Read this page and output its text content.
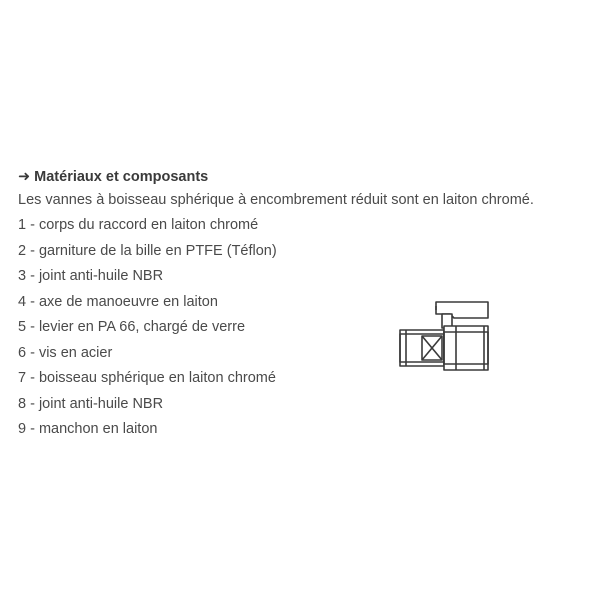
➜ Matériaux et composants
Les vannes à boisseau sphérique à encombrement réduit sont en laiton chromé.
1 - corps du raccord en laiton chromé
2 - garniture de la bille en PTFE (Téflon)
3 - joint anti-huile NBR
4 - axe de manoeuvre en laiton
5 - levier en PA 66, chargé de verre
6 - vis en acier
7 - boisseau sphérique en laiton chromé
8 - joint anti-huile NBR
9 - manchon en laiton
